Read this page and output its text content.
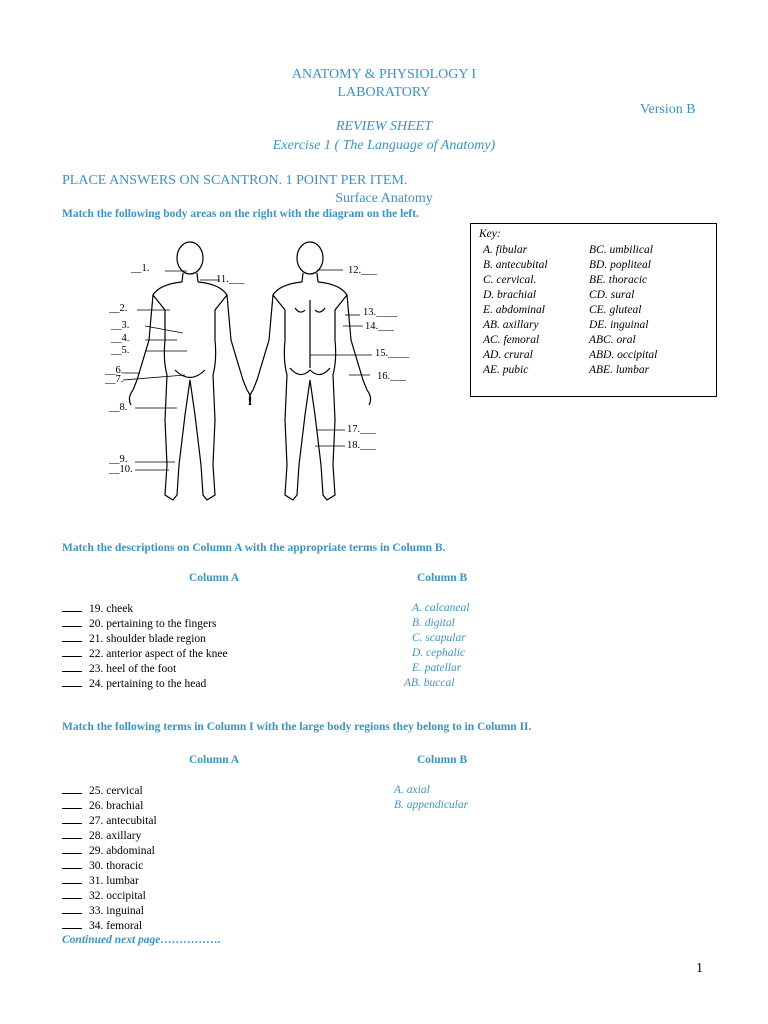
ANATOMY & PHYSIOLOGY I
LABORATORY
Version B
REVIEW SHEET
Exercise 1 ( The Language of Anatomy)
PLACE ANSWERS ON SCANTRON. 1 POINT PER ITEM.
Surface Anatomy
Match the following body areas on the right with the diagram on the left.
Key:
A. fibular
B. antecubital
C. cervical.
D. brachial
E. abdominal
AB. axillary
AC. femoral
AD. crural
AE. pubic
BC. umbilical
BD. popliteal
BE. thoracic
CD. sural
CE. gluteal
DE. inguinal
ABC. oral
ABD. occipital
ABE. lumbar
__1.
11.___
12.___
__2.
__3.
13.____
14.___
__4.
__5.	15.____
__6.
__7.	16.___
__8.
17.___
18.___
__9.
__10.
Match the descriptions on Column A with the appropriate terms in Column B.
Column A	Column B
Match the following terms in Column I with the large body regions they belong to in Column II.
Column A	Column B
Continued next page…………….
1
19. cheek
20. pertaining to the fingers
21. shoulder blade region
22. anterior aspect of the knee
23. heel of the foot
24. pertaining to the head
A. calcaneal
B. digital
C. scapular
D. cephalic
E. patellar
AB. buccal
25. cervical
26. brachial
27. antecubital
28. axillary
29. abdominal
30. thoracic
31. lumbar
32. occipital
33. inguinal
34. femoral
A. axial
B. appendicular
